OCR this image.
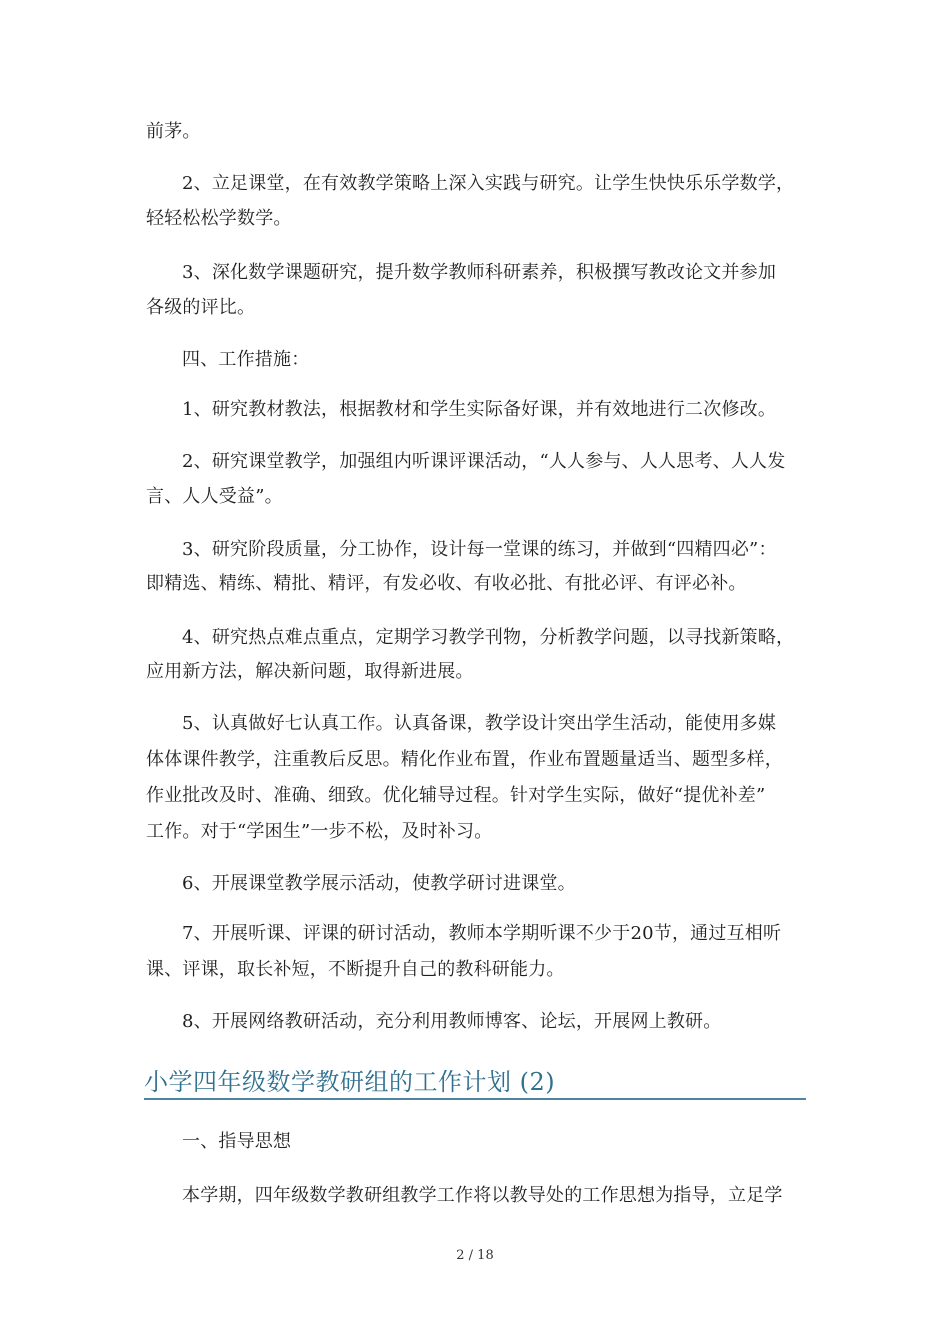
前茅。
2、立足课堂，在有效教学策略上深入实践与研究。让学生快快乐乐学数学，
轻轻松松学数学。
3、深化数学课题研究，提升数学教师科研素养，积极撰写教改论文并参加
各级的评比。
四、工作措施：
1、研究教材教法，根据教材和学生实际备好课，并有效地进行二次修改。
2、研究课堂教学，加强组内听课评课活动，“人人参与、人人思考、人人发
言、人人受益”。
3、研究阶段质量，分工协作，设计每一堂课的练习，并做到“四精四必”：
即精选、精练、精批、精评，有发必收、有收必批、有批必评、有评必补。
4、研究热点难点重点，定期学习教学刊物，分析教学问题，以寻找新策略，
应用新方法，解决新问题，取得新进展。
5、认真做好七认真工作。认真备课，教学设计突出学生活动，能使用多媒
体体课件教学，注重教后反思。精化作业布置，作业布置题量适当、题型多样，
作业批改及时、准确、细致。优化辅导过程。针对学生实际，做好“提优补差”
工作。对于“学困生”一步不松，及时补习。
6、开展课堂教学展示活动，使教学研讨进课堂。
7、开展听课、评课的研讨活动，教师本学期听课不少于20节，通过互相听
课、评课，取长补短，不断提升自己的教科研能力。
8、开展网络教研活动，充分利用教师博客、论坛，开展网上教研。
小学四年级数学教研组的工作计划 (2)
一、指导思想
本学期，四年级数学教研组教学工作将以教导处的工作思想为指导，立足学
2 / 18
